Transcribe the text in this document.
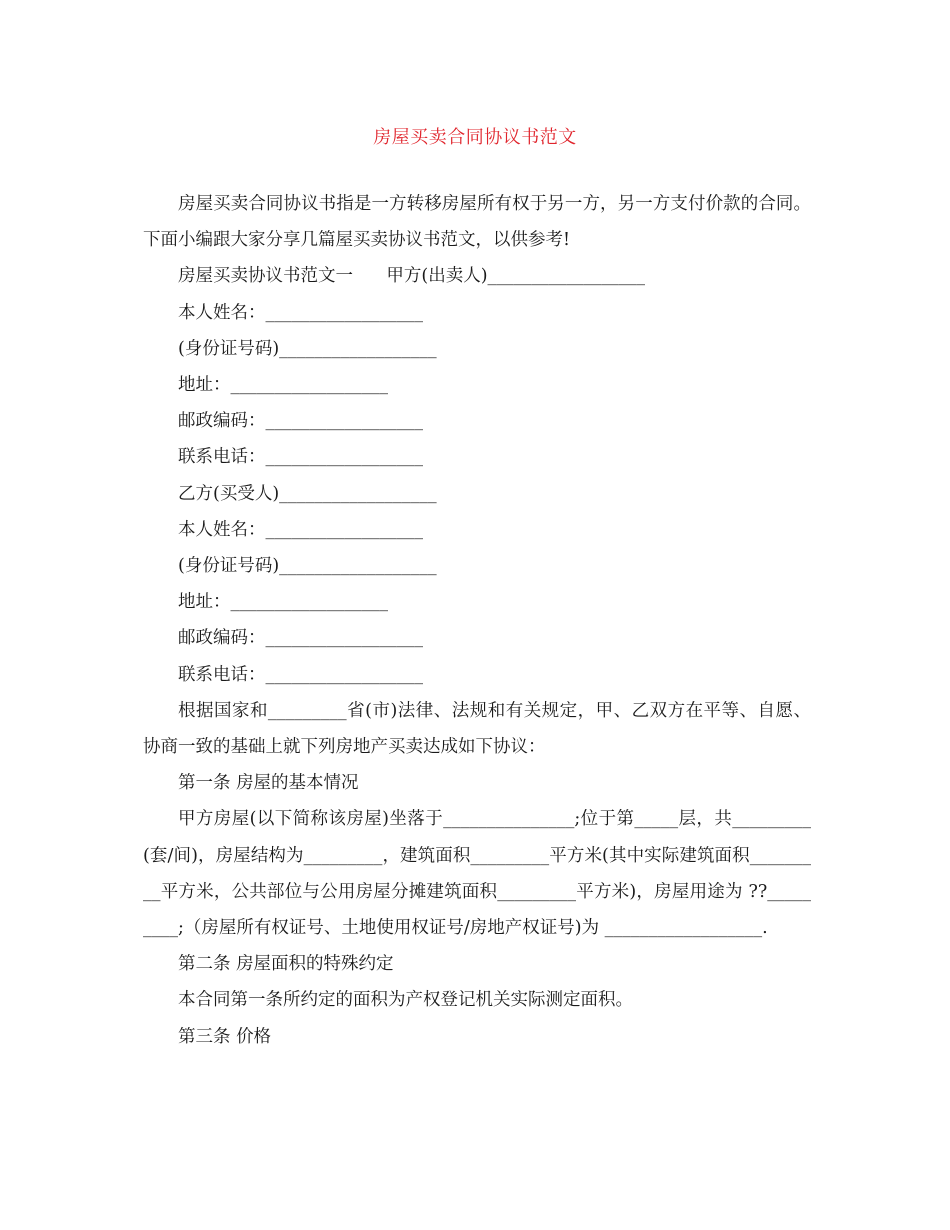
房屋买卖合同协议书范文

房屋买卖合同协议书指是一方转移房屋所有权于另一方，另一方支付价款的合同。下面小编跟大家分享几篇屋买卖协议书范文，以供参考!

房屋买卖协议书范文一      甲方(出卖人)__________________

本人姓名：__________________

(身份证号码)__________________

地址：__________________

邮政编码：__________________

联系电话：__________________

乙方(买受人)__________________

本人姓名：__________________

(身份证号码)__________________

地址：__________________

邮政编码：__________________

联系电话：__________________

根据国家和_________省(市)法律、法规和有关规定，甲、乙双方在平等、自愿、协商一致的基础上就下列房地产买卖达成如下协议：

第一条 房屋的基本情况

甲方房屋(以下简称该房屋)坐落于_______________;位于第_____层，共_________(套/间)，房屋结构为_________，建筑面积_________平方米(其中实际建筑面积_________平方米，公共部位与公用房屋分摊建筑面积_________平方米)，房屋用途为 ??_________;（房屋所有权证号、土地使用权证号/房地产权证号)为 __________________.

第二条 房屋面积的特殊约定

本合同第一条所约定的面积为产权登记机关实际测定面积。

第三条 价格
